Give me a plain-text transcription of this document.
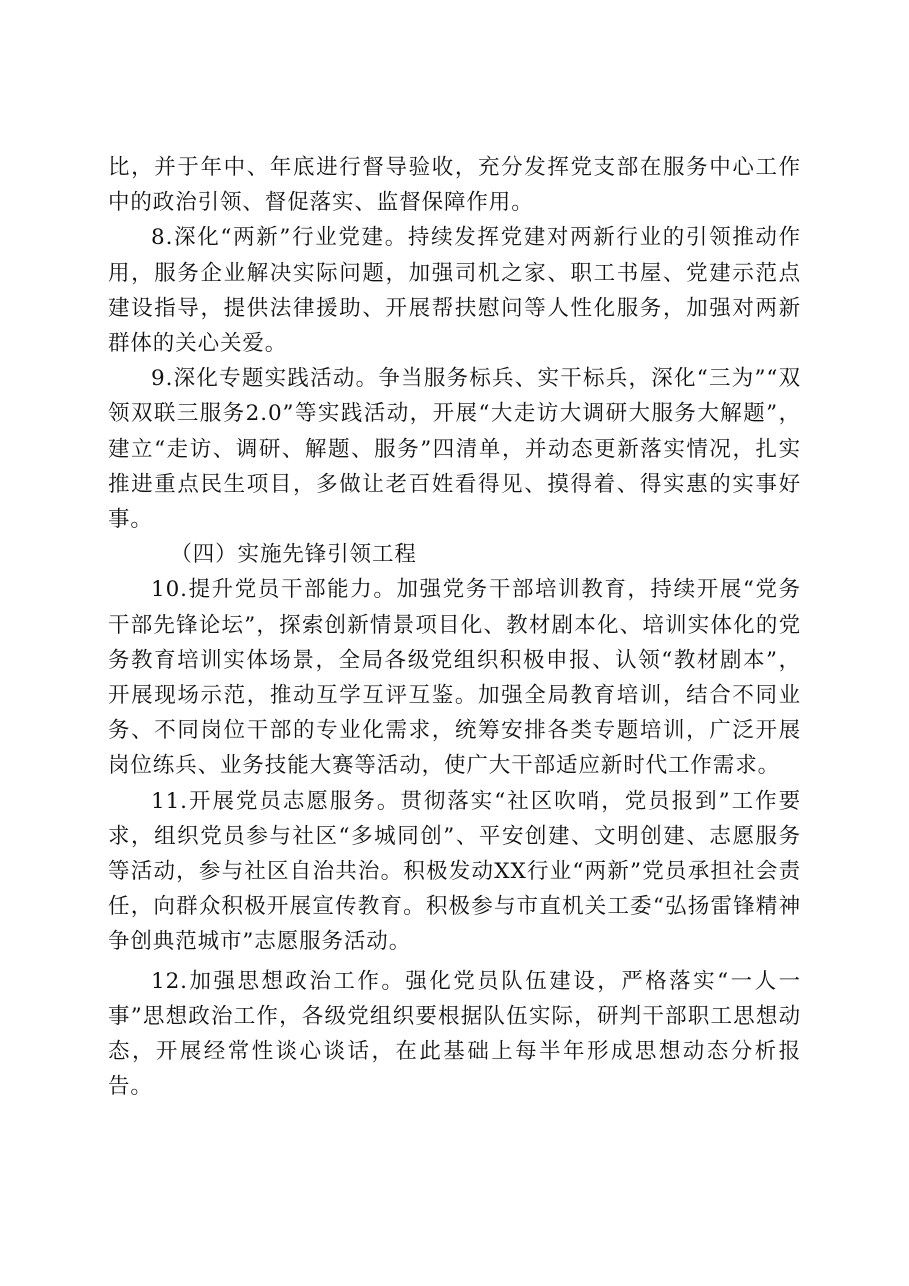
比，并于年中、年底进行督导验收，充分发挥党支部在服务中心工作中的政治引领、督促落实、监督保障作用。

8.深化“两新”行业党建。持续发挥党建对两新行业的引领推动作用，服务企业解决实际问题，加强司机之家、职工书屋、党建示范点建设指导，提供法律援助、开展帮扶慰问等人性化服务，加强对两新群体的关心关爱。

9.深化专题实践活动。争当服务标兵、实干标兵，深化“三为”“双领双联三服务2.0”等实践活动，开展“大走访大调研大服务大解题”，建立“走访、调研、解题、服务”四清单，并动态更新落实情况，扎实推进重点民生项目，多做让老百姓看得见、摸得着、得实惠的实事好事。

（四）实施先锋引领工程

10.提升党员干部能力。加强党务干部培训教育，持续开展“党务干部先锋论坛”，探索创新情景项目化、教材剧本化、培训实体化的党务教育培训实体场景，全局各级党组织积极申报、认领“教材剧本”，开展现场示范，推动互学互评互鉴。加强全局教育培训，结合不同业务、不同岗位干部的专业化需求，统筹安排各类专题培训，广泛开展岗位练兵、业务技能大赛等活动，使广大干部适应新时代工作需求。

11.开展党员志愿服务。贯彻落实“社区吹哨，党员报到”工作要求，组织党员参与社区“多城同创”、平安创建、文明创建、志愿服务等活动，参与社区自治共治。积极发动XX行业“两新”党员承担社会责任，向群众积极开展宣传教育。积极参与市直机关工委“弘扬雷锋精神争创典范城市”志愿服务活动。

12.加强思想政治工作。强化党员队伍建设，严格落实“一人一事”思想政治工作，各级党组织要根据队伍实际，研判干部职工思想动态，开展经常性谈心谈话，在此基础上每半年形成思想动态分析报告。
